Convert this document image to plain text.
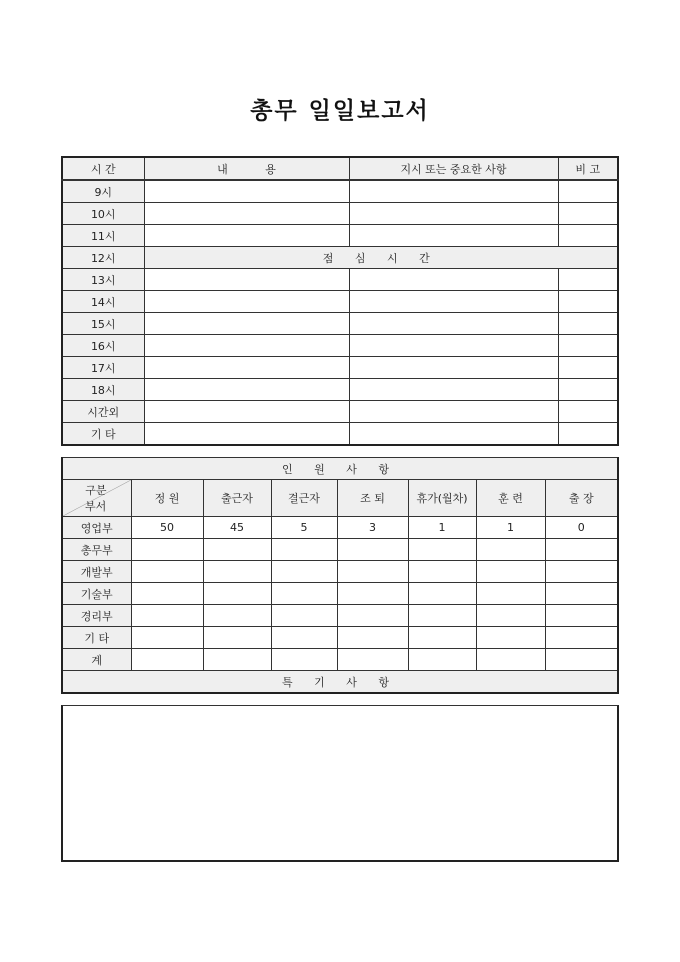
총무 일일보고서
시 간	내 용	지시 또는 중요한 사항	비 고
9시			
10시			
11시			
12시	점 심 시 간		
13시			
14시			
15시			
16시			
17시			
18시			
시간외			
기 타			
인 원 사 항							

구분
부서	정 원	출근자	결근자	조 퇴	휴가(월차)	훈 련	출 장
영업부	50	45	5	3	1	1	0
총무부							
개발부							
기술부							
경리부							
기 타							
계							
특 기 사 항							
